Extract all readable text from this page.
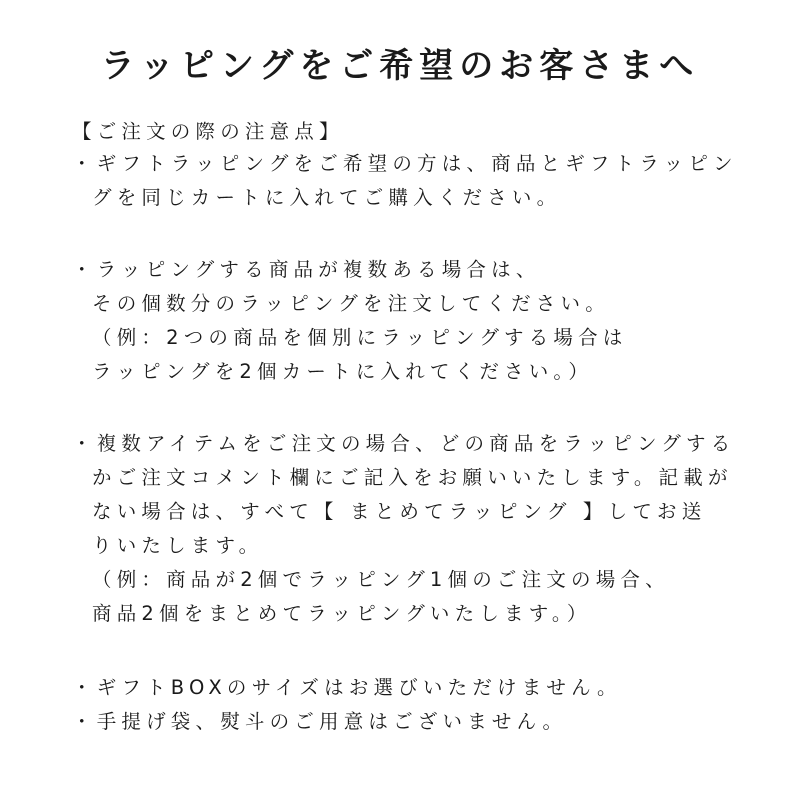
ラッピングをご希望のお客さまへ
【ご注文の際の注意点】
・ギフトラッピングをご希望の方は、商品とギフトラッピン
グを同じカートに入れてご購入ください。
・ラッピングする商品が複数ある場合は、
その個数分のラッピングを注文してください。
（例：2つの商品を個別にラッピングする場合は
ラッピングを2個カートに入れてください。）
・複数アイテムをご注文の場合、どの商品をラッピングする
かご注文コメント欄にご記入をお願いいたします。記載が
ない場合は、すべて【 まとめてラッピング 】してお送
りいたします。
（例：商品が2個でラッピング1個のご注文の場合、
商品2個をまとめてラッピングいたします。）
・ギフトBOXのサイズはお選びいただけません。
・手提げ袋、熨斗のご用意はございません。
